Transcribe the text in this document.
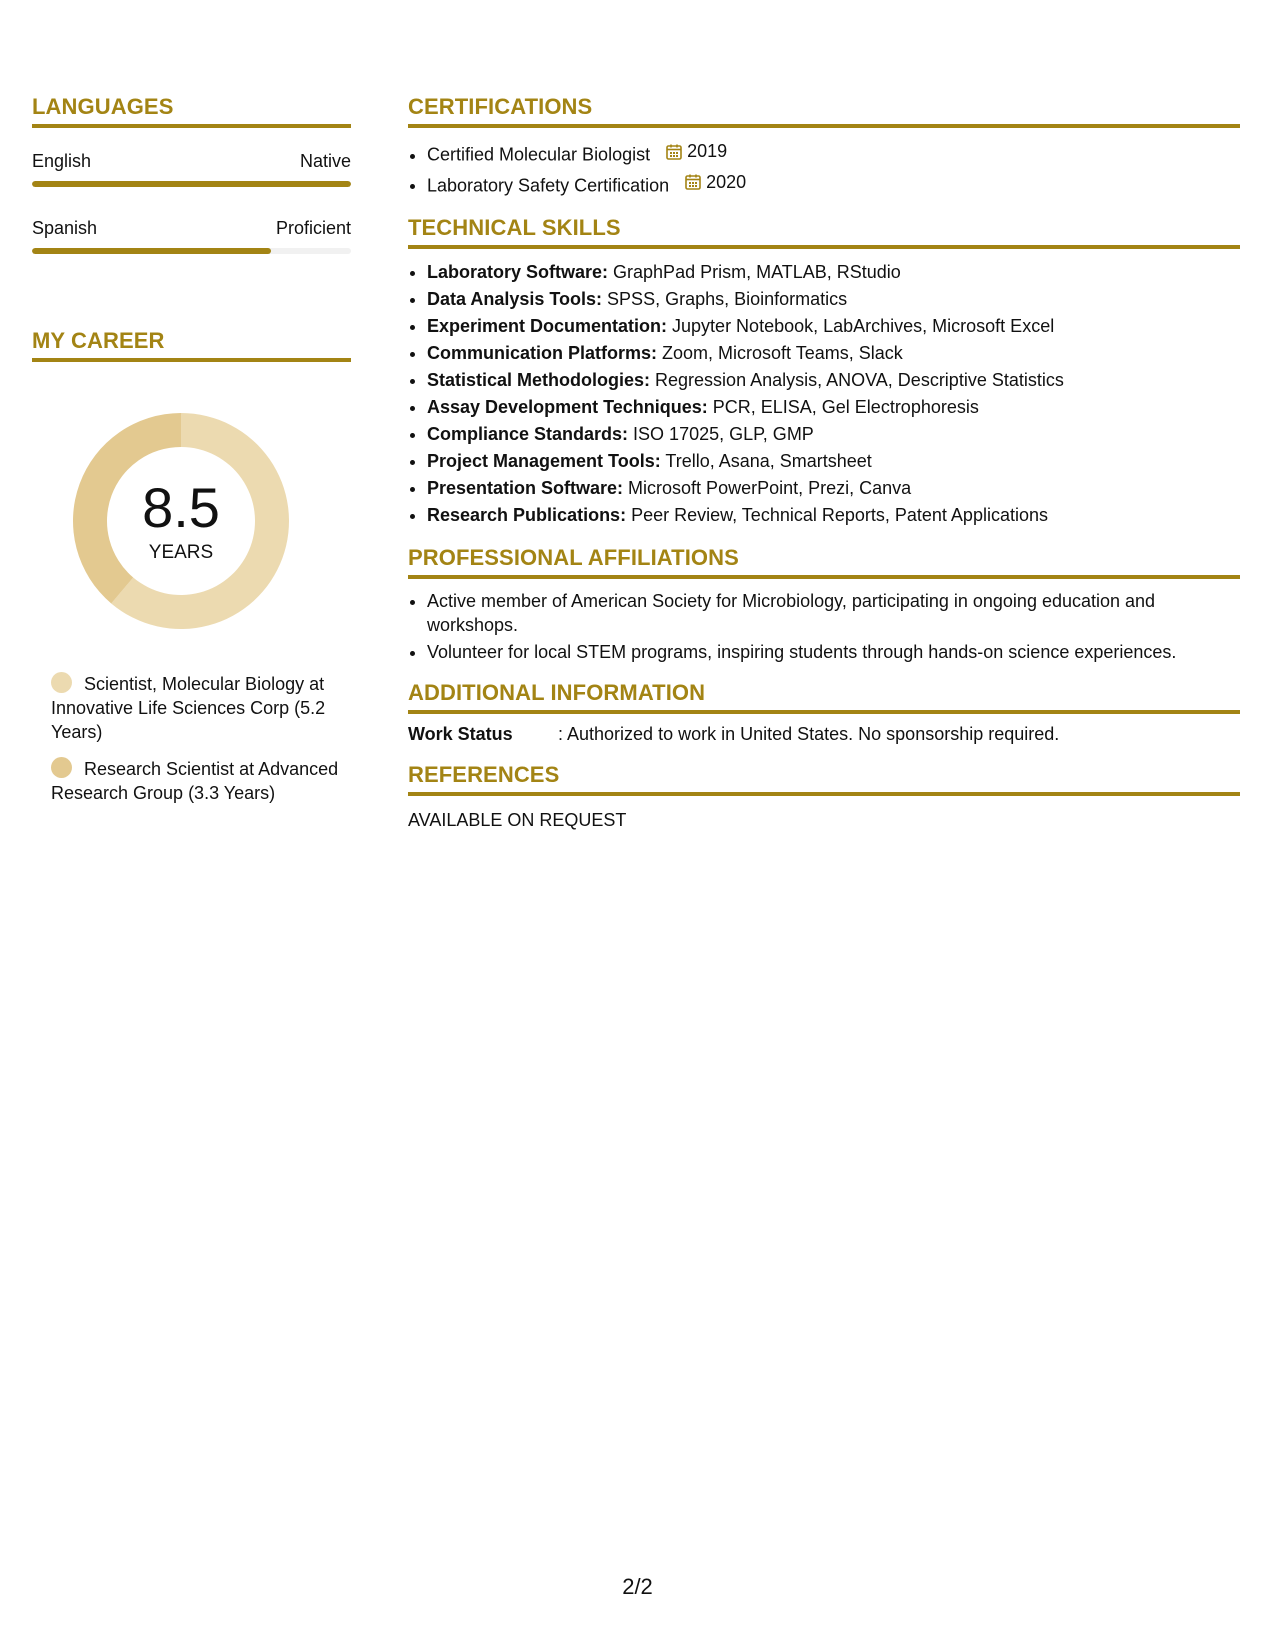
LANGUAGES
English	Native
Spanish	Proficient
MY CAREER
8.5
YEARS
Scientist, Molecular Biology at Innovative Life Sciences Corp (5.2 Years)
Research Scientist at Advanced Research Group (3.3 Years)
CERTIFICATIONS
• Certified Molecular Biologist 2019
• Laboratory Safety Certification 2020
TECHNICAL SKILLS
• Laboratory Software: GraphPad Prism, MATLAB, RStudio
• Data Analysis Tools: SPSS, Graphs, Bioinformatics
• Experiment Documentation: Jupyter Notebook, LabArchives, Microsoft Excel
• Communication Platforms: Zoom, Microsoft Teams, Slack
• Statistical Methodologies: Regression Analysis, ANOVA, Descriptive Statistics
• Assay Development Techniques: PCR, ELISA, Gel Electrophoresis
• Compliance Standards: ISO 17025, GLP, GMP
• Project Management Tools: Trello, Asana, Smartsheet
• Presentation Software: Microsoft PowerPoint, Prezi, Canva
• Research Publications: Peer Review, Technical Reports, Patent Applications
PROFESSIONAL AFFILIATIONS
• Active member of American Society for Microbiology, participating in ongoing education and workshops.
• Volunteer for local STEM programs, inspiring students through hands-on science experiences.
ADDITIONAL INFORMATION
Work Status	: Authorized to work in United States. No sponsorship required.
REFERENCES
AVAILABLE ON REQUEST
2/2
